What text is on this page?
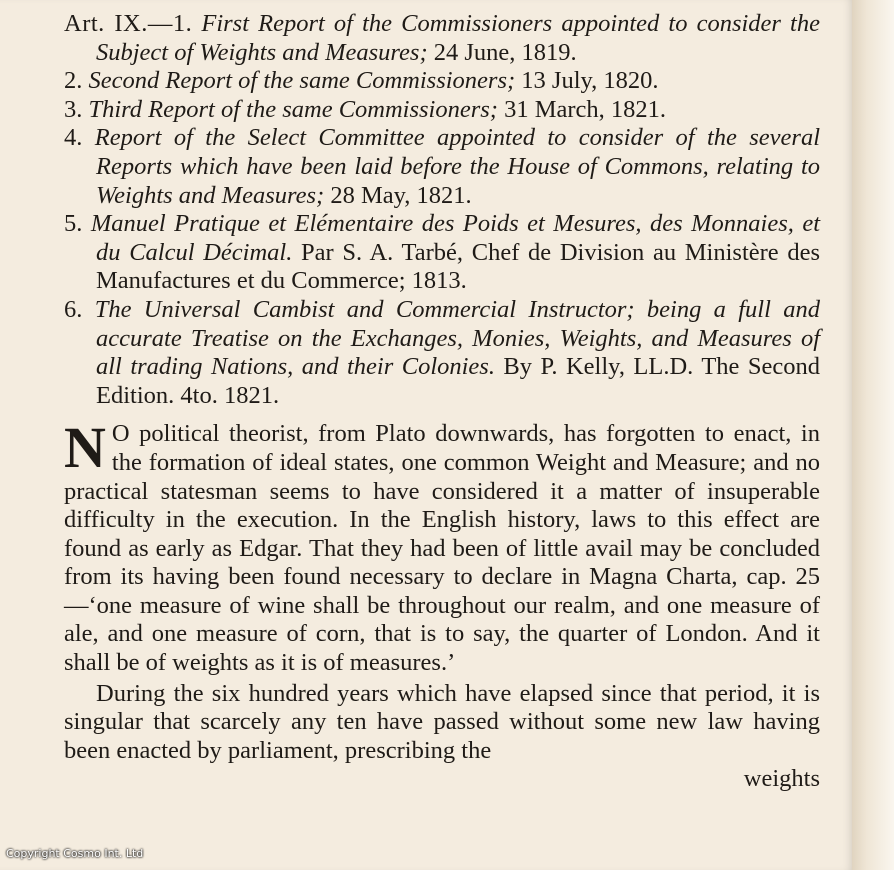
Art. IX.—1. First Report of the Commissioners appointed to consider the Subject of Weights and Measures; 24 June, 1819.

2. Second Report of the same Commissioners; 13 July, 1820.

3. Third Report of the same Commissioners; 31 March, 1821.

4. Report of the Select Committee appointed to consider of the several Reports which have been laid before the House of Commons, relating to Weights and Measures; 28 May, 1821.

5. Manuel Pratique et Elémentaire des Poids et Mesures, des Monnaies, et du Calcul Décimal. Par S. A. Tarbé, Chef de Division au Ministère des Manufactures et du Commerce; 1813.

6. The Universal Cambist and Commercial Instructor; being a full and accurate Treatise on the Exchanges, Monies, Weights, and Measures of all trading Nations, and their Colonies. By P. Kelly, LL.D. The Second Edition. 4to. 1821.

N O political theorist, from Plato downwards, has forgotten to enact, in the formation of ideal states, one common Weight and Measure; and no practical statesman seems to have considered it a matter of insuperable difficulty in the execution. In the English history, laws to this effect are found as early as Edgar. That they had been of little avail may be concluded from its having been found necessary to declare in Magna Charta, cap. 25—‘one measure of wine shall be throughout our realm, and one measure of ale, and one measure of corn, that is to say, the quarter of London. And it shall be of weights as it is of measures.’

During the six hundred years which have elapsed since that period, it is singular that scarcely any ten have passed without some new law having been enacted by parliament, prescribing the

weights

Copyright Cosmo Int. Ltd
